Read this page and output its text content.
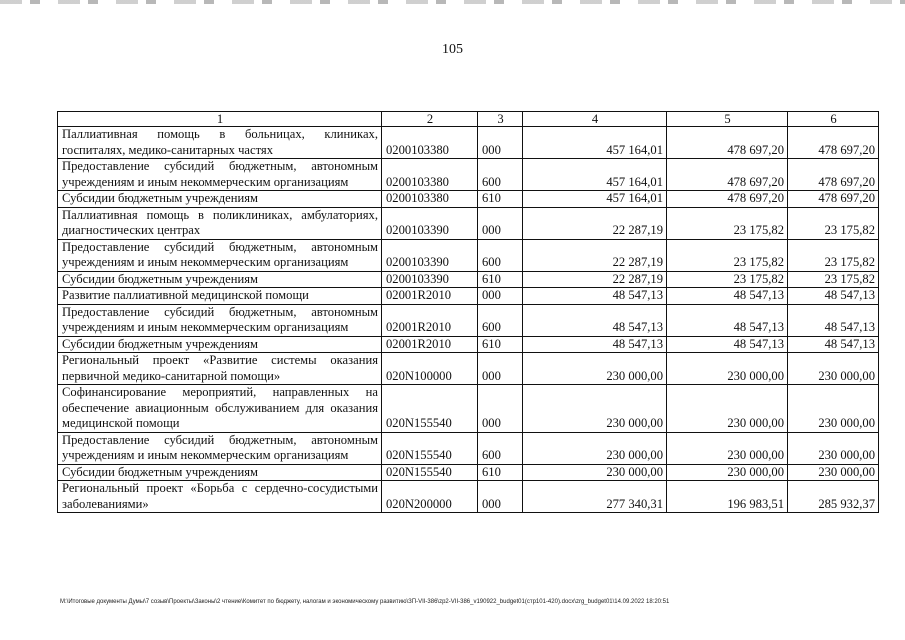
105
1	2	3	4	5	6
Паллиативная помощь в больницах, клиниках, госпиталях, медико-санитарных частях	0200103380	000	457 164,01	478 697,20	478 697,20
Предоставление субсидий бюджетным, автономным учреждениям и иным некоммерческим организациям	0200103380	600	457 164,01	478 697,20	478 697,20
Субсидии бюджетным учреждениям	0200103380	610	457 164,01	478 697,20	478 697,20
Паллиативная помощь в поликлиниках, амбулаториях, диагностических центрах	0200103390	000	22 287,19	23 175,82	23 175,82
Предоставление субсидий бюджетным, автономным учреждениям и иным некоммерческим организациям	0200103390	600	22 287,19	23 175,82	23 175,82
Субсидии бюджетным учреждениям	0200103390	610	22 287,19	23 175,82	23 175,82
Развитие паллиативной медицинской помощи	02001R2010	000	48 547,13	48 547,13	48 547,13
Предоставление субсидий бюджетным, автономным учреждениям и иным некоммерческим организациям	02001R2010	600	48 547,13	48 547,13	48 547,13
Субсидии бюджетным учреждениям	02001R2010	610	48 547,13	48 547,13	48 547,13
Региональный проект «Развитие системы оказания первичной медико-санитарной помощи»	020N100000	000	230 000,00	230 000,00	230 000,00
Софинансирование мероприятий, направленных на обеспечение авиационным обслуживанием для оказания медицинской помощи	020N155540	000	230 000,00	230 000,00	230 000,00
Предоставление субсидий бюджетным, автономным учреждениям и иным некоммерческим организациям	020N155540	600	230 000,00	230 000,00	230 000,00
Субсидии бюджетным учреждениям	020N155540	610	230 000,00	230 000,00	230 000,00
Региональный проект «Борьба с сердечно-сосудистыми заболеваниями»	020N200000	000	277 340,31	196 983,51	285 932,37
M:\Итоговые документы Думы\7 созыв\Проекты\Законы\2 чтение\Комитет по бюджету, налогам и экономическому развитию\ЗП-VII-386\zp2-VII-386_v190922_budget01(стр101-420).docx\zrg_budget01\14.09.2022 18:20:51
